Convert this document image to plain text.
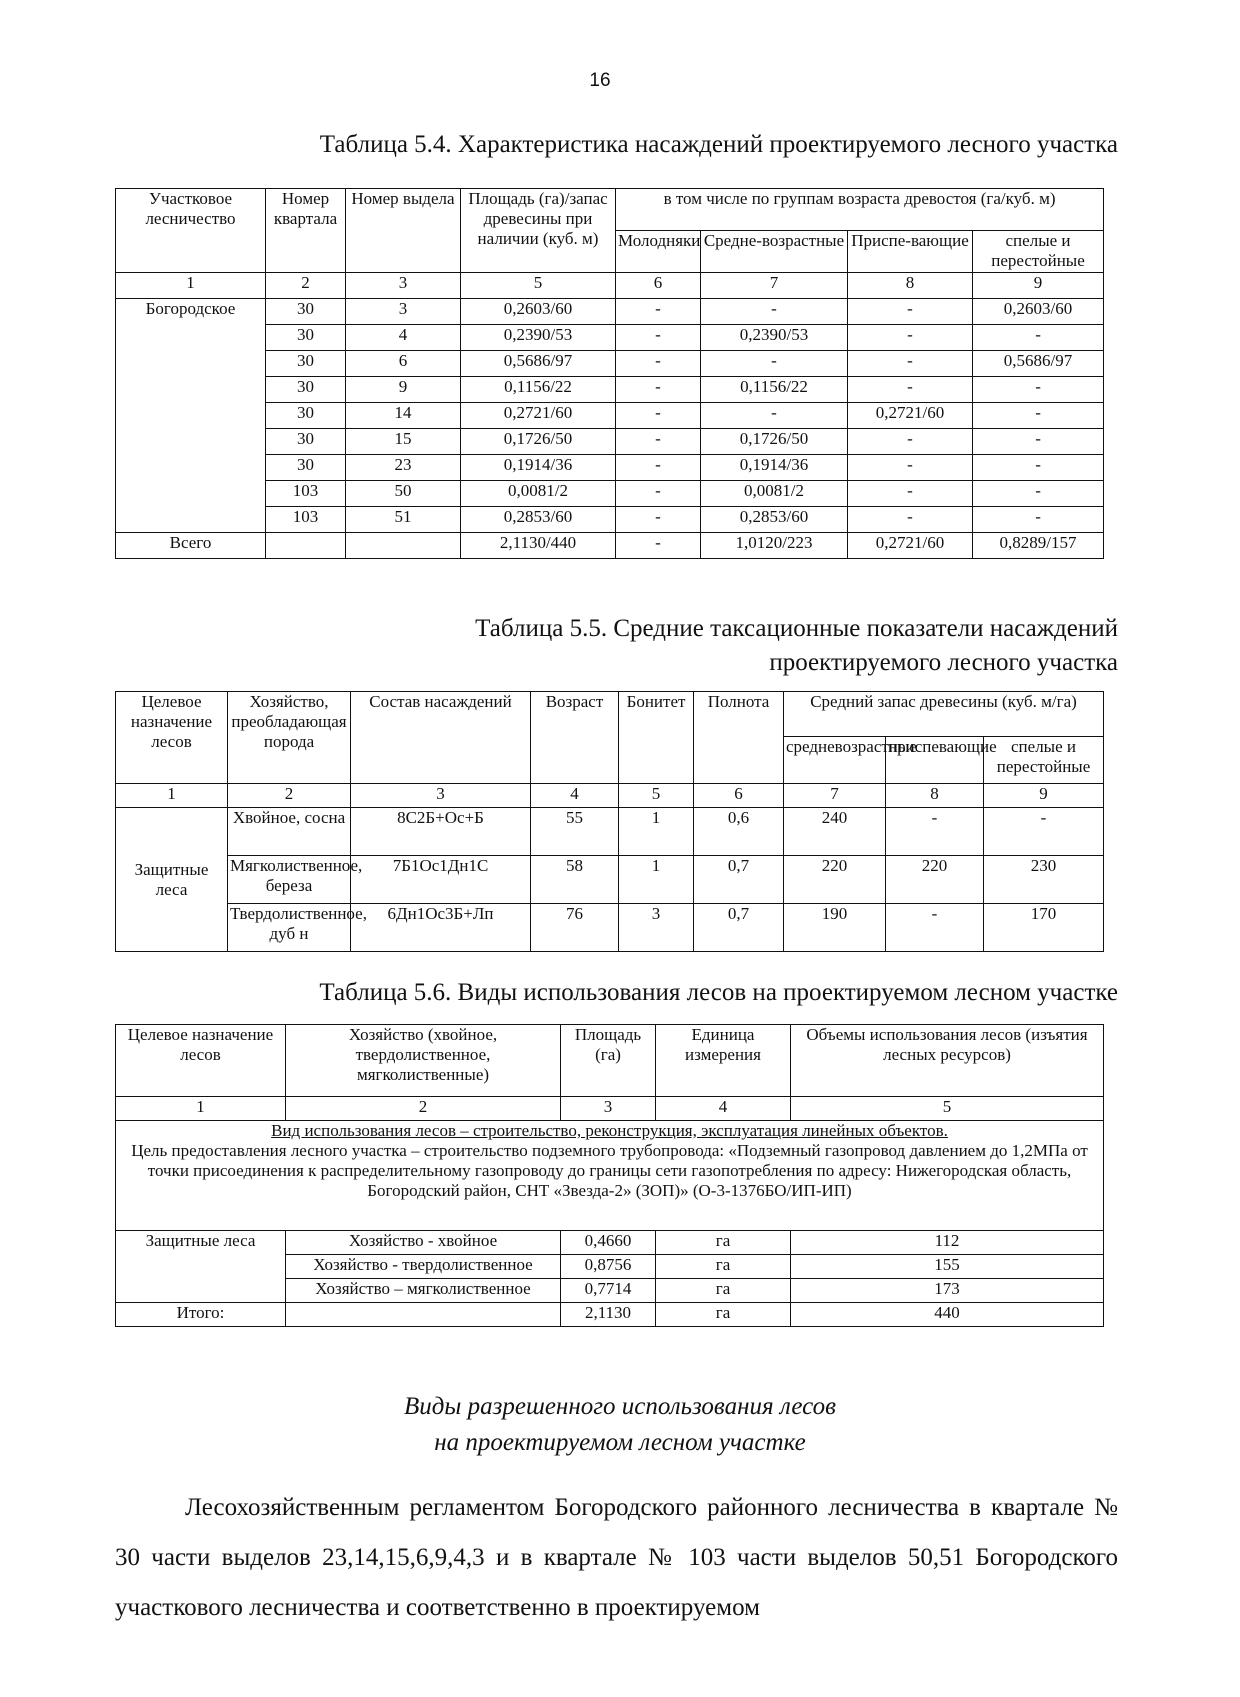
16
Таблица 5.4. Характеристика насаждений проектируемого лесного участка
Участковое лесничество	Номер квартала	Номер выдела	Площадь (га)/запас древесины при наличии (куб. м)	в том числе по группам возраста древостоя (га/куб. м)			
				Молодняки	Средне-возрастные	Приспе-вающие	спелые и перестойные
1	2	3	5	6	7	8	9
Богородское	30	3	0,2603/60	-	-	-	0,2603/60
	30	4	0,2390/53	-	0,2390/53	-	-
	30	6	0,5686/97	-	-	-	0,5686/97
	30	9	0,1156/22	-	0,1156/22	-	-
	30	14	0,2721/60	-	-	0,2721/60	-
	30	15	0,1726/50	-	0,1726/50	-	-
	30	23	0,1914/36	-	0,1914/36	-	-
	103	50	0,0081/2	-	0,0081/2	-	-
	103	51	0,2853/60	-	0,2853/60	-	-
Всего			2,1130/440	-	1,0120/223	0,2721/60	0,8289/157
Таблица 5.5. Средние таксационные показатели насаждений
проектируемого лесного участка
Целевое назначение лесов	Хозяйство, преобладающая порода	Состав насаждений	Возраст	Бонитет	Полнота	Средний запас древесины (куб. м/га)		
						средневозрастные	приспевающие	спелые и перестойные
1	2	3	4	5	6	7	8	9
Защитные леса	Хвойное, сосна	8С2Б+Ос+Б	55	1	0,6	240	-	-
	Мягколиственное, береза	7Б1Ос1Дн1С	58	1	0,7	220	220	230
	Твердолиственное, дуб н	6Дн1Ос3Б+Лп	76	3	0,7	190	-	170
Таблица 5.6. Виды использования лесов на проектируемом лесном участке
Целевое назначение лесов	Хозяйство (хвойное, твердолиственное, мягколиственные)	Площадь (га)	Единица измерения	Объемы использования лесов (изъятия лесных ресурсов)
1	2	3	4	5

Вид использования лесов – строительство, реконструкция, эксплуатация линейных объектов.
Цель предоставления лесного участка – строительство подземного трубопровода: «Подземный газопровод давлением до 1,2МПа от точки присоединения к распределительному газопроводу до границы сети газопотребления по адресу: Нижегородская область, Богородский район, СНТ «Звезда-2» (ЗОП)» (О-3-1376БО/ИП-ИП)				

Защитные леса	Хозяйство - хвойное	0,4660	га	112
	Хозяйство - твердолиственное	0,8756	га	155
	Хозяйство – мягколиственное	0,7714	га	173
Итого:		2,1130	га	440
Виды разрешенного использования лесов
на проектируемом лесном участке
Лесохозяйственным регламентом Богородского районного лесничества в квартале № 30 части выделов 23,14,15,6,9,4,3 и в квартале № 103 части выделов 50,51 Богородского участкового лесничества и соответственно в проектируемом
